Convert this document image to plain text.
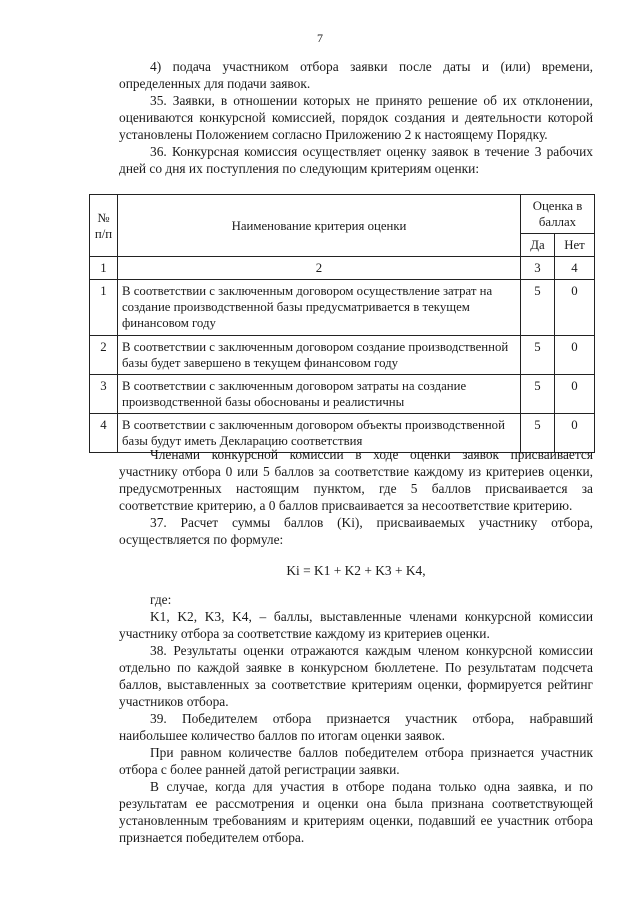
7

4) подача участником отбора заявки после даты и (или) времени, определенных для подачи заявок.

35. Заявки, в отношении которых не принято решение об их отклонении, оцениваются конкурсной комиссией, порядок создания и деятельности которой установлены Положением согласно Приложению 2 к настоящему Порядку.

36. Конкурсная комиссия осуществляет оценку заявок в течение 3 рабочих дней со дня их поступления по следующим критериям оценки:

№ п/п	Наименование критерия оценки	Оценка в баллах	
		Да	Нет
1	2	3	4
1	В соответствии с заключенным договором осуществление затрат на создание производственной базы предусматривается в текущем финансовом году	5	0
2	В соответствии с заключенным договором создание производственной базы будет завершено в текущем финансовом году	5	0
3	В соответствии с заключенным договором затраты на создание производственной базы обоснованы и реалистичны	5	0
4	В соответствии с заключенным договором объекты производственной базы будут иметь Декларацию соответствия	5	0

Членами конкурсной комиссии в ходе оценки заявок присваивается участнику отбора 0 или 5 баллов за соответствие каждому из критериев оценки, предусмотренных настоящим пунктом, где 5 баллов присваивается за соответствие критерию, а 0 баллов присваивается за несоответствие критерию.

37. Расчет суммы баллов (Ki), присваиваемых участнику отбора, осуществляется по формуле:

Ki = K1 + K2 + K3 + K4,

где:

K1, K2, K3, K4, – баллы, выставленные членами конкурсной комиссии участнику отбора за соответствие каждому из критериев оценки.

38. Результаты оценки отражаются каждым членом конкурсной комиссии отдельно по каждой заявке в конкурсном бюллетене. По результатам подсчета баллов, выставленных за соответствие критериям оценки, формируется рейтинг участников отбора.

39. Победителем отбора признается участник отбора, набравший наибольшее количество баллов по итогам оценки заявок.

При равном количестве баллов победителем отбора признается участник отбора с более ранней датой регистрации заявки.

В случае, когда для участия в отборе подана только одна заявка, и по результатам ее рассмотрения и оценки она была признана соответствующей установленным требованиям и критериям оценки, подавший ее участник отбора признается победителем отбора.
